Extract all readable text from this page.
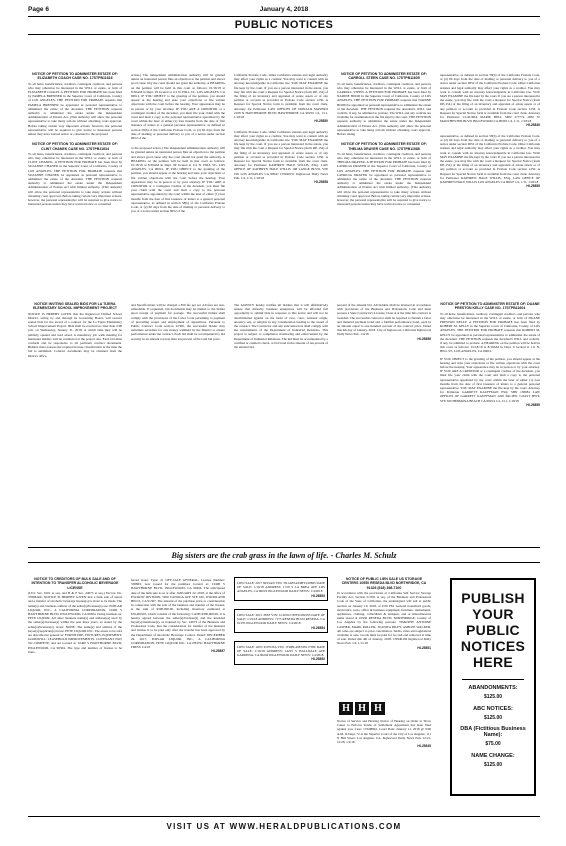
Page 6	January 4, 2018
PUBLIC NOTICES
NOTICE OF PETITION TO ADMINISTER ESTATE OF: ELIZABETH COACH CASE NO. 17STPB11616
To all heirs, beneficiaries, creditors, contingent creditors, and persons who may otherwise be interested in the WILL or estate, or both of ELIZABETH COACH. A PETITION FOR PROBATE has been filed by PAMELA BRENNER in the Superior Court of California, County of LOS ANGELES. THE PETITION FOR PROBATE requests that PAMELA BRENNER be appointed as personal representative to administer the estate of the decedent. THE PETITION requests authority to administer the estate under the Independent Administration of Estates Act. (This authority will allow the personal representative to take many actions without obtaining court approval. Before taking certain very important actions, however, the personal representative will be required to give notice to interested persons unless they have waived notice or consented to the proposed
NOTICE OF PETITION TO ADMINISTER ESTATE OF: CLINT CHANEK CASE NO. 17STPB11634
To all heirs, beneficiaries, creditors, contingent creditors, and persons who may otherwise be interested in the WILL or estate, or both of CLINT CHANEK. A PETITION FOR PROBATE has been filed by SUZANNE CHANEK in the Superior Court of California, County of LOS ANGELES. THE PETITION FOR PROBATE requests that SUZANNE CHANEK be appointed as personal representative to administer the estate of the decedent. THE PETITION requests authority to administer the estate under the Independent Administration of Estates Act with limited authority. (This authority will allow the personal representative to take many actions without obtaining court approval. Before taking certain very important actions, however, the personal representative will be required to give notice to interested persons unless they have waived notice or consented
action.) The independent administration authority will be granted unless an interested person files an objection to the petition and shows good cause why the court should not grant the authority. A HEARING on the petition will be held in this court as follows: 01/16/18 at 8:30AM in Dept. 29 located at 111 N. HILL ST., LOS ANGELES, CA 90012. IF YOU OBJECT to the granting of the petition, you should appear at the hearing and state your objections or file written objections with the court before the hearing. Your appearance may be in person or by your attorney. IF YOU ARE A CREDITOR or a contingent creditor of the decedent, you must file your claim with the court and mail a copy to the personal representative appointed by the court within the later of either (1) four months from the date of first issuance of letters to a general personal representative, as defined in section 58(b) of the California Probate Code, or (2) 60 days from the date of mailing or personal delivery to you of a notice under section 9052 of the
to the proposed action.) The independent administration authority will be granted unless an interested person files an objection to the petition and shows good cause why the court should not grant the authority. A HEARING on the petition will be held in this court as follows: 01/18/18 at 8:30AM in Dept. 99 located at 111 N. HILL ST., LOS ANGELES, CA 90012. IF YOU OBJECT to the granting of the petition, you should appear at the hearing and state your objections or file written objections with the court before the hearing. Your appearance may be in person or by your attorney. IF YOU ARE A CREDITOR or a contingent creditor of the decedent, you must file your claim with the court and mail a copy to the personal representative appointed by the court within the later of either (1) four months from the date of first issuance of letters to a general personal representative, as defined in section 58(b) of the California Probate Code, or (2) 60 days from the date of mailing or personal delivery to you of a notice under section 9052 of the
California Probate Code. Other California statutes and legal authority may affect your rights as a creditor. You may want to consult with an attorney knowledgeable in California law. YOU MAY EXAMINE the file kept by the court. If you are a person interested in the estate, you may file with the court a Request for Special Notice (form DE-154) of the filing of an inventory and appraisal of estate assets or of any petition or account as provided in Probate Code section 1250. A Request for Special Notice form is available from the court clerk. Attorney for Petitioner LAW OFFICES OF DONALD MAYERO 2108 N HAWTHORNE BLVD HAWTHORNE CA 90250 1/4, 1/11, 1/18/18
HI-25850
California Probate Code. Other California statutes and legal authority may affect your rights as a creditor. You may want to consult with an attorney knowledgeable in California law. YOU MAY EXAMINE the file kept by the court. If you are a person interested in the estate, you may file with the court a Request for Special Notice (form DE-154) of the filing of an inventory and appraisal of estate assets or of any petition or account as provided in Probate Code section 1250. A Request for Special Notice form is available from the court clerk. Attorney for Petitioner KATHRYN HALE WILLIS, ESQ. LAW OFFICE OF KATHRYN HALE WILLIS 108 LANGE BLVD, STE 100 LOS ANGELES CA 90047 CN940151 Inglewood Daily News Pub. 1/4, 1/11, 1/18/18
HI-25858
NOTICE OF PETITION TO ADMINISTER ESTATE OF: CARROLL STEEN CASE NO. 17STPB11605
To all heirs, beneficiaries, creditors, contingent creditors, and persons who may otherwise be interested in the WILL or estate, or both of CARROLL STEEN. A PETITION FOR PROBATE has been filed by NADINE HOOD in the Superior Court of California, County of LOS ANGELES. THE PETITION FOR PROBATE requests that NADINE HOOD be appointed as personal representative to administer the estate of the decedent. THE PETITION requests the decedent's WILL and codicils, if any, be admitted to probate. The WILL and any codicils are available for examination in the file kept by the court. THE PETITION requests authority to administer the estate under the Independent Administration of Estates Act. (This authority will allow the personal representative to take many actions without obtaining court approval. Before taking
NOTICE OF PETITION TO ADMINISTER ESTATE OF: THELMA DRAYER CASE NO. 17STPB11588
To all heirs, beneficiaries, creditors, contingent creditors, and persons who may otherwise be interested in the WILL or estate, or both of THELMA DRAYER. A PETITION FOR PROBATE has been filed by LATRICIA DRAYER in the Superior Court of California, County of LOS ANGELES. THE PETITION FOR PROBATE requests that LATRICIA DRAYER be appointed as personal representative to administer the estate of the decedent. THE PETITION requests authority to administer the estate under the Independent Administration of Estates Act with limited authority. (This authority will allow the personal representative to take many actions without obtaining court approval. Before taking certain very important actions, however, the personal representative will be required to give notice to interested persons unless they have waived notice or consented
representative, as defined in section 58(b) of the California Probate Code, or (2) 60 days from the date of mailing or personal delivery to you of a notice under section 9052 of the California Probate Code. Other California statutes and legal authority may affect your rights as a creditor. You may want to consult with an attorney knowledgeable in California law. YOU MAY EXAMINE the file kept by the court. If you are a person interested in the estate, you may file with the court a Request for Special Notice (form DE-154) of the filing of an inventory and appraisal of estate assets or of any petition or account as provided in Probate Code section 1250. A Request for Special Notice form is available from the court clerk. Attorney for Petitioner CLAUDIA MARIE BELL SBN 277774 2850 W MANCHESTER BLVD INGLEWOOD CA 90305 1/4, 1/11, 1/18/18
HI-25849
representative, as defined in section 58(b) of the California Probate Code, or (2) 60 days from the date of mailing or personal delivery to you of a notice under section 9052 of the California Probate Code. Other California statutes and legal authority may affect your rights as a creditor. You may want to consult with an attorney knowledgeable in California law. YOU MAY EXAMINE the file kept by the court. If you are a person interested in the estate, you may file with the court a Request for Special Notice (form DE-154) of the filing of an inventory and appraisal of estate assets or of any petition or account as provided in Probate Code section 1250. A Request for Special Notice form is available from the court clerk. Attorney for Petitioner KATHRYN HALE WILLIS, ESQ. LAW OFFICE OF KATHRYN HALE WILLIS LOS ANGELES CA 90047 1/4, 1/11, 1/18/18
HI-25859
NOTICE INVITING SEALED BIDS FOR LA TIJERA ELEMENTARY SCHOOL IMPROVEMENT PROJECT
NOTICE IS HEREBY GIVEN that the Inglewood Unified School District, acting by and through its Governing Board, will receive sealed bids for the award of a contract for the La Tijera Elementary School Improvement Project. Bids shall be received no later than 2:00 p.m. on Wednesday, January 31, 2018, at which time they will be publicly opened and read aloud. A mandatory job walk meeting for interested bidders will be conducted at the project site. Each bid must conform and be responsive to all pertinent contract documents. Bidders must possess the required license classification at the time the bid is submitted. Contract documents may be obtained from the District office.
and Specifications will be charged a $50 fee per set. All fees are non-refundable. If requested, bid documents may be mailed to the bidder upon receipt of payment for postage. The successful bidder shall comply with the provisions of the Labor Code pertaining to payment of prevailing wages and employment of apprentices. Pursuant to Public Contract Code section 22300, the successful bidder may substitute securities for any money withheld by the District to ensure performance under the contract. Each bid shall be accompanied by bid security in an amount not less than ten percent of the total bid price.
The AGENCY hereby notifies all bidders that it will affirmatively ensure that minority business enterprises will be afforded full opportunity to submit bids in response to this notice and will not be discriminated against on the basis of race, color, national origin, ancestry, sex, or religion in any consideration leading to the award of the contract. The Contractor and any subcontractors shall comply with the requirements of the Department of Industrial Relations. This project is subject to compliance monitoring and enforcement by the Department of Industrial Relations. The bid must be accompanied by a certified or cashier's check, or bid bond in the amount of ten percent of the amount bid.
percent of the amount bid. All bidders shall be licensed in accordance with provisions of the Business and Professions Code and must possess a State Contractor's License, Class A at the time this contract is awarded. The successful contractor shall be required to furnish a labor and material payment bond and a faithful performance bond, each in an amount equal to one hundred percent of the contract price. Dated this 4th day of January, 2018. City of Inglewood, California Inglewood Daily News Pub. 1/4/18
HI-25856
NOTICE OF PETITION TO ADMINISTER ESTATE OF: DUANE PRESTON KELLY CASE NO. 17STPB11604
To all heirs, beneficiaries, creditors, contingent creditors, and persons who may otherwise be interested in the WILL or estate, or both of DUANE PRESTON KELLY. A PETITION FOR PROBATE has been filed by ROBERT M. KELLY in the Superior Court of California, County of LOS ANGELES. THE PETITION FOR PROBATE requests that ROBERT M. KELLY be appointed as personal representative to administer the estate of the decedent. THE PETITION requests the decedent's WILL and codicils, if any, be admitted to probate. A HEARING on the petition will be held in this court as follows: 01/18/18 at 8:30AM in Dept. 9 located at 111 N. HILL ST., LOS ANGELES, CA 90012.
IF YOU OBJECT to the granting of the petition, you should appear at the hearing and state your objections or file written objections with the court before the hearing. Your appearance may be in person or by your attorney. IF YOU ARE A CREDITOR or a contingent creditor of the decedent, you must file your claim with the court and mail a copy to the personal representative appointed by the court within the later of either (1) four months from the date of first issuance of letters to a general personal representative. YOU MAY EXAMINE the file kept by the court. Attorney for Petitioner GARRETT KAUFFMAN ESQ. SBN 138681 LAW OFFICES OF GARRETT KAUFFMAN 2200 PACIFIC COAST HWY, STE 300 HERMOSA BEACH CA 90254 1/4, 1/11, 1/18/18
HI-25855
Big sisters are the crab grass in the lawn of life. - Charles M. Schulz
NOTICE TO CREDITORS OF BULK SALE AND OF INTENTION TO TRANSFER ALCOHOLIC BEVERAGE LICENSE
(UCC Sec. 6101 et seq. and B & P Sec. 24073 et seq.) Escrow No. 37806-RK. NOTICE IS HEREBY GIVEN that a bulk sale of assets and a transfer of alcoholic beverage license(s) is about to be made. The name(s) and business address of the seller(s)/licensee(s) are: POPLAR LIQUOR, INC., A CALIFORNIA CORPORATION, 10400 S HAWTHORNE BLVD, INGLEWOOD, CA 90304. Doing business as: PETE LIQUOR. All other business name(s) and address(es) used by the seller(s)/licensee(s) within the past three years, as stated by the seller(s)/licensee(s), is/are: NONE. The name(s) and address of the buyer(s)/applicant(s) is/are: PETE LIQUOR INC. The assets to be sold are described in general as: FURNITURE, FIXTURES, EQUIPMENT, GOODWILL, LEASEHOLD IMPROVEMENTS, COVENANT NOT TO COMPETE, and are located at: 10400 S HAWTHORNE BLVD, INGLEWOOD, CA 90304. The type and number of license to be trans-
ferred is/are: Type: 21 OFF-SALE GENERAL, License Number: 538863, now issued for the premises located at: 10400 S HAWTHORNE BLVD, INGLEWOOD, CA 90304. The anticipated date of the bulk sale is on or after JANUARY 22, 2018, at the office of ESCROW DIVISION, 5950 CANOGA AVE STE 100, WOODLAND HILLS, CA 91367. The amount of the purchase price or consideration in connection with the sale of the business and transfer of the license, is the sum of $300,000.00, including inventory estimated at $70,000.00, which consists of the following: CASH $300,000.00. It is hereby agreed between the seller(s)/licensee(s) and the intended buyer(s)/transferee(s), as required by Sec. 24073 of the Business and Professions Code, that the consideration for transfer of the business and license is to be paid only after the transfer has been approved by the Department of Alcoholic Beverage Control. Dated: DECEMBER 29, 2017. POPLAR LIQUOR, INC., A CALIFORNIA CORPORATION. PETE LIQUOR INC. LA1784791 HAWTHORNE PRESS 1/4/18
HI-25857
LIEN SALE: 2017 NISSAN VIN: 3N1AB7AP4HY220895 DATE OF SALE: 1/19/18 ADDRESS: 1720 S LA BREA AVE LOS ANGELES, CA 90019 INGLEWOOD DAILY NEWS: 1/4/2018
HI-25853
LIEN SALE: 2015 JEEP VIN: 1C4NJCCB7FD182595 DATE OF SALE: 1/19/18 ADDRESS: 7175 RESEDA BLVD RESEDA, CA 91335 INGLEWOOD DAILY NEWS: 1/4/2018
HI-25854
LIEN SALE: 2003 TOYOTA VIN: JTDBL40E539117580 DATE OF SALE: 1/19/18 ADDRESS: 14201 S HALLDALE AVE GARDENA, CA 90249 INGLEWOOD DAILY NEWS: 1/4/2018
HI-25852
NOTICE OF PUBLIC LIEN SALE US STORAGE CENTERS 10950 RESEDA BLVD NORTHRIDGE, CA 91326 (818) 368-7100
In accordance with the provisions of California Self Service Storage Facility Act, Section 21700, et seq. of the Business and Professions Code of the State of California, the undersigned will sell at public auction on January 19, 2018, at 2:00 PM. General household goods, electronics, tools, office & business equipment, furniture, instruments, appliances, clothing, collectibles & antiques, and or miscellaneous items stored at 10950 RESEDA BLVD, NORTHRIDGE, County of Los Angeles by the following persons: TIMOTHY ANTOINE LASHER, MARK ROLLER, JUANITA RILEY, ASHLEE WALKER. All sales are subject to prior cancellation. Terms, rules and regulations available at sale. Goods must be paid for in cash and removed at time of sale. Dated this 4th of January, 2018. CN940192 Inglewood Daily News Pub. 1/4, 1/11/18
HI-25851
H H H
Notice of Service and Hearing Notice of Hearing on Order to Show Cause to Enforce Terms of Settlement Agreement has been filed against you. Case: 17K08842. Court Date: January 11, 2018 @ 9:00 A.M. in Dept. 72 at the Superior Court of the City of Los Angeles, 111 N Hill Street, Los Angeles, CA. Inglewood Daily News Pub. 12/21, 12/28, 1/4/18
HI-25845
PUBLISH
YOUR
PUBLIC
NOTICES
HERE
ABANDONMENTS:
$125.00
ABC NOTICES:
$125.00
DBA (Fictitious Business Name):
$75.00
NAME CHANGE:
$125.00
VISIT US AT WWW.HERALDPUBLICATIONS.COM
